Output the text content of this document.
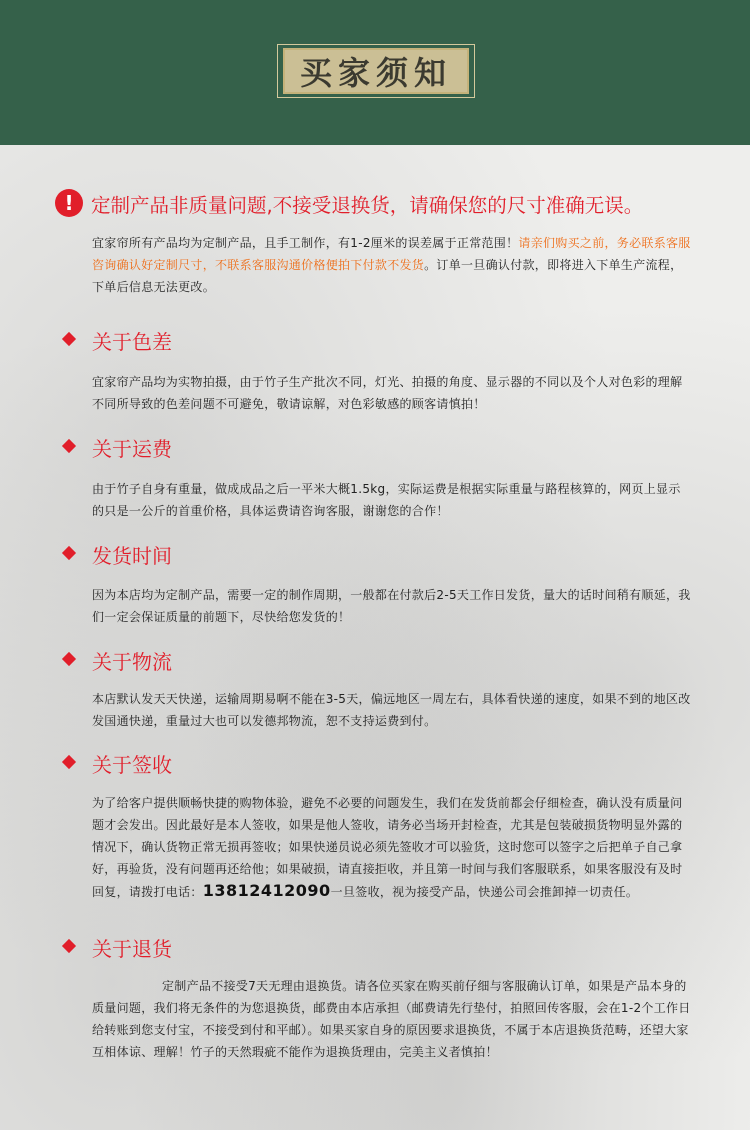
买家须知
! 定制产品非质量问题,不接受退换货，请确保您的尺寸准确无误。
宜家帘所有产品均为定制产品，且手工制作，有1-2厘米的误差属于正常范围！请亲们购买之前，务必联系客服咨询确认好定制尺寸，不联系客服沟通价格便拍下付款不发货。订单一旦确认付款，即将进入下单生产流程，下单后信息无法更改。
关于色差
宜家帘产品均为实物拍摄，由于竹子生产批次不同，灯光、拍摄的角度、显示器的不同以及个人对色彩的理解不同所导致的色差问题不可避免，敬请谅解，对色彩敏感的顾客请慎拍！
关于运费
由于竹子自身有重量，做成成品之后一平米大概1.5kg，实际运费是根据实际重量与路程核算的，网页上显示的只是一公斤的首重价格，具体运费请咨询客服，谢谢您的合作！
发货时间
因为本店均为定制产品，需要一定的制作周期，一般都在付款后2-5天工作日发货，量大的话时间稍有顺延，我们一定会保证质量的前题下，尽快给您发货的！
关于物流
本店默认发天天快递，运输周期易啊不能在3-5天，偏远地区一周左右，具体看快递的速度，如果不到的地区改发国通快递，重量过大也可以发德邦物流，恕不支持运费到付。
关于签收
为了给客户提供顺畅快捷的购物体验，避免不必要的问题发生，我们在发货前都会仔细检查，确认没有质量问题才会发出。因此最好是本人签收，如果是他人签收，请务必当场开封检查，尤其是包装破损货物明显外露的情况下，确认货物正常无损再签收；如果快递员说必须先签收才可以验货，这时您可以签字之后把单子自己拿好，再验货，没有问题再还给他；如果破损，请直接拒收，并且第一时间与我们客服联系，如果客服没有及时回复，请拨打电话：13812412090一旦签收，视为接受产品，快递公司会推卸掉一切责任。
关于退货
定制产品不接受7天无理由退换货。请各位买家在购买前仔细与客服确认订单，如果是产品本身的质量问题，我们将无条件的为您退换货，邮费由本店承担（邮费请先行垫付，拍照回传客服，会在1-2个工作日给转账到您支付宝，不接受到付和平邮）。如果买家自身的原因要求退换货，不属于本店退换货范畴，还望大家互相体谅、理解！竹子的天然瑕疵不能作为退换货理由，完美主义者慎拍！
